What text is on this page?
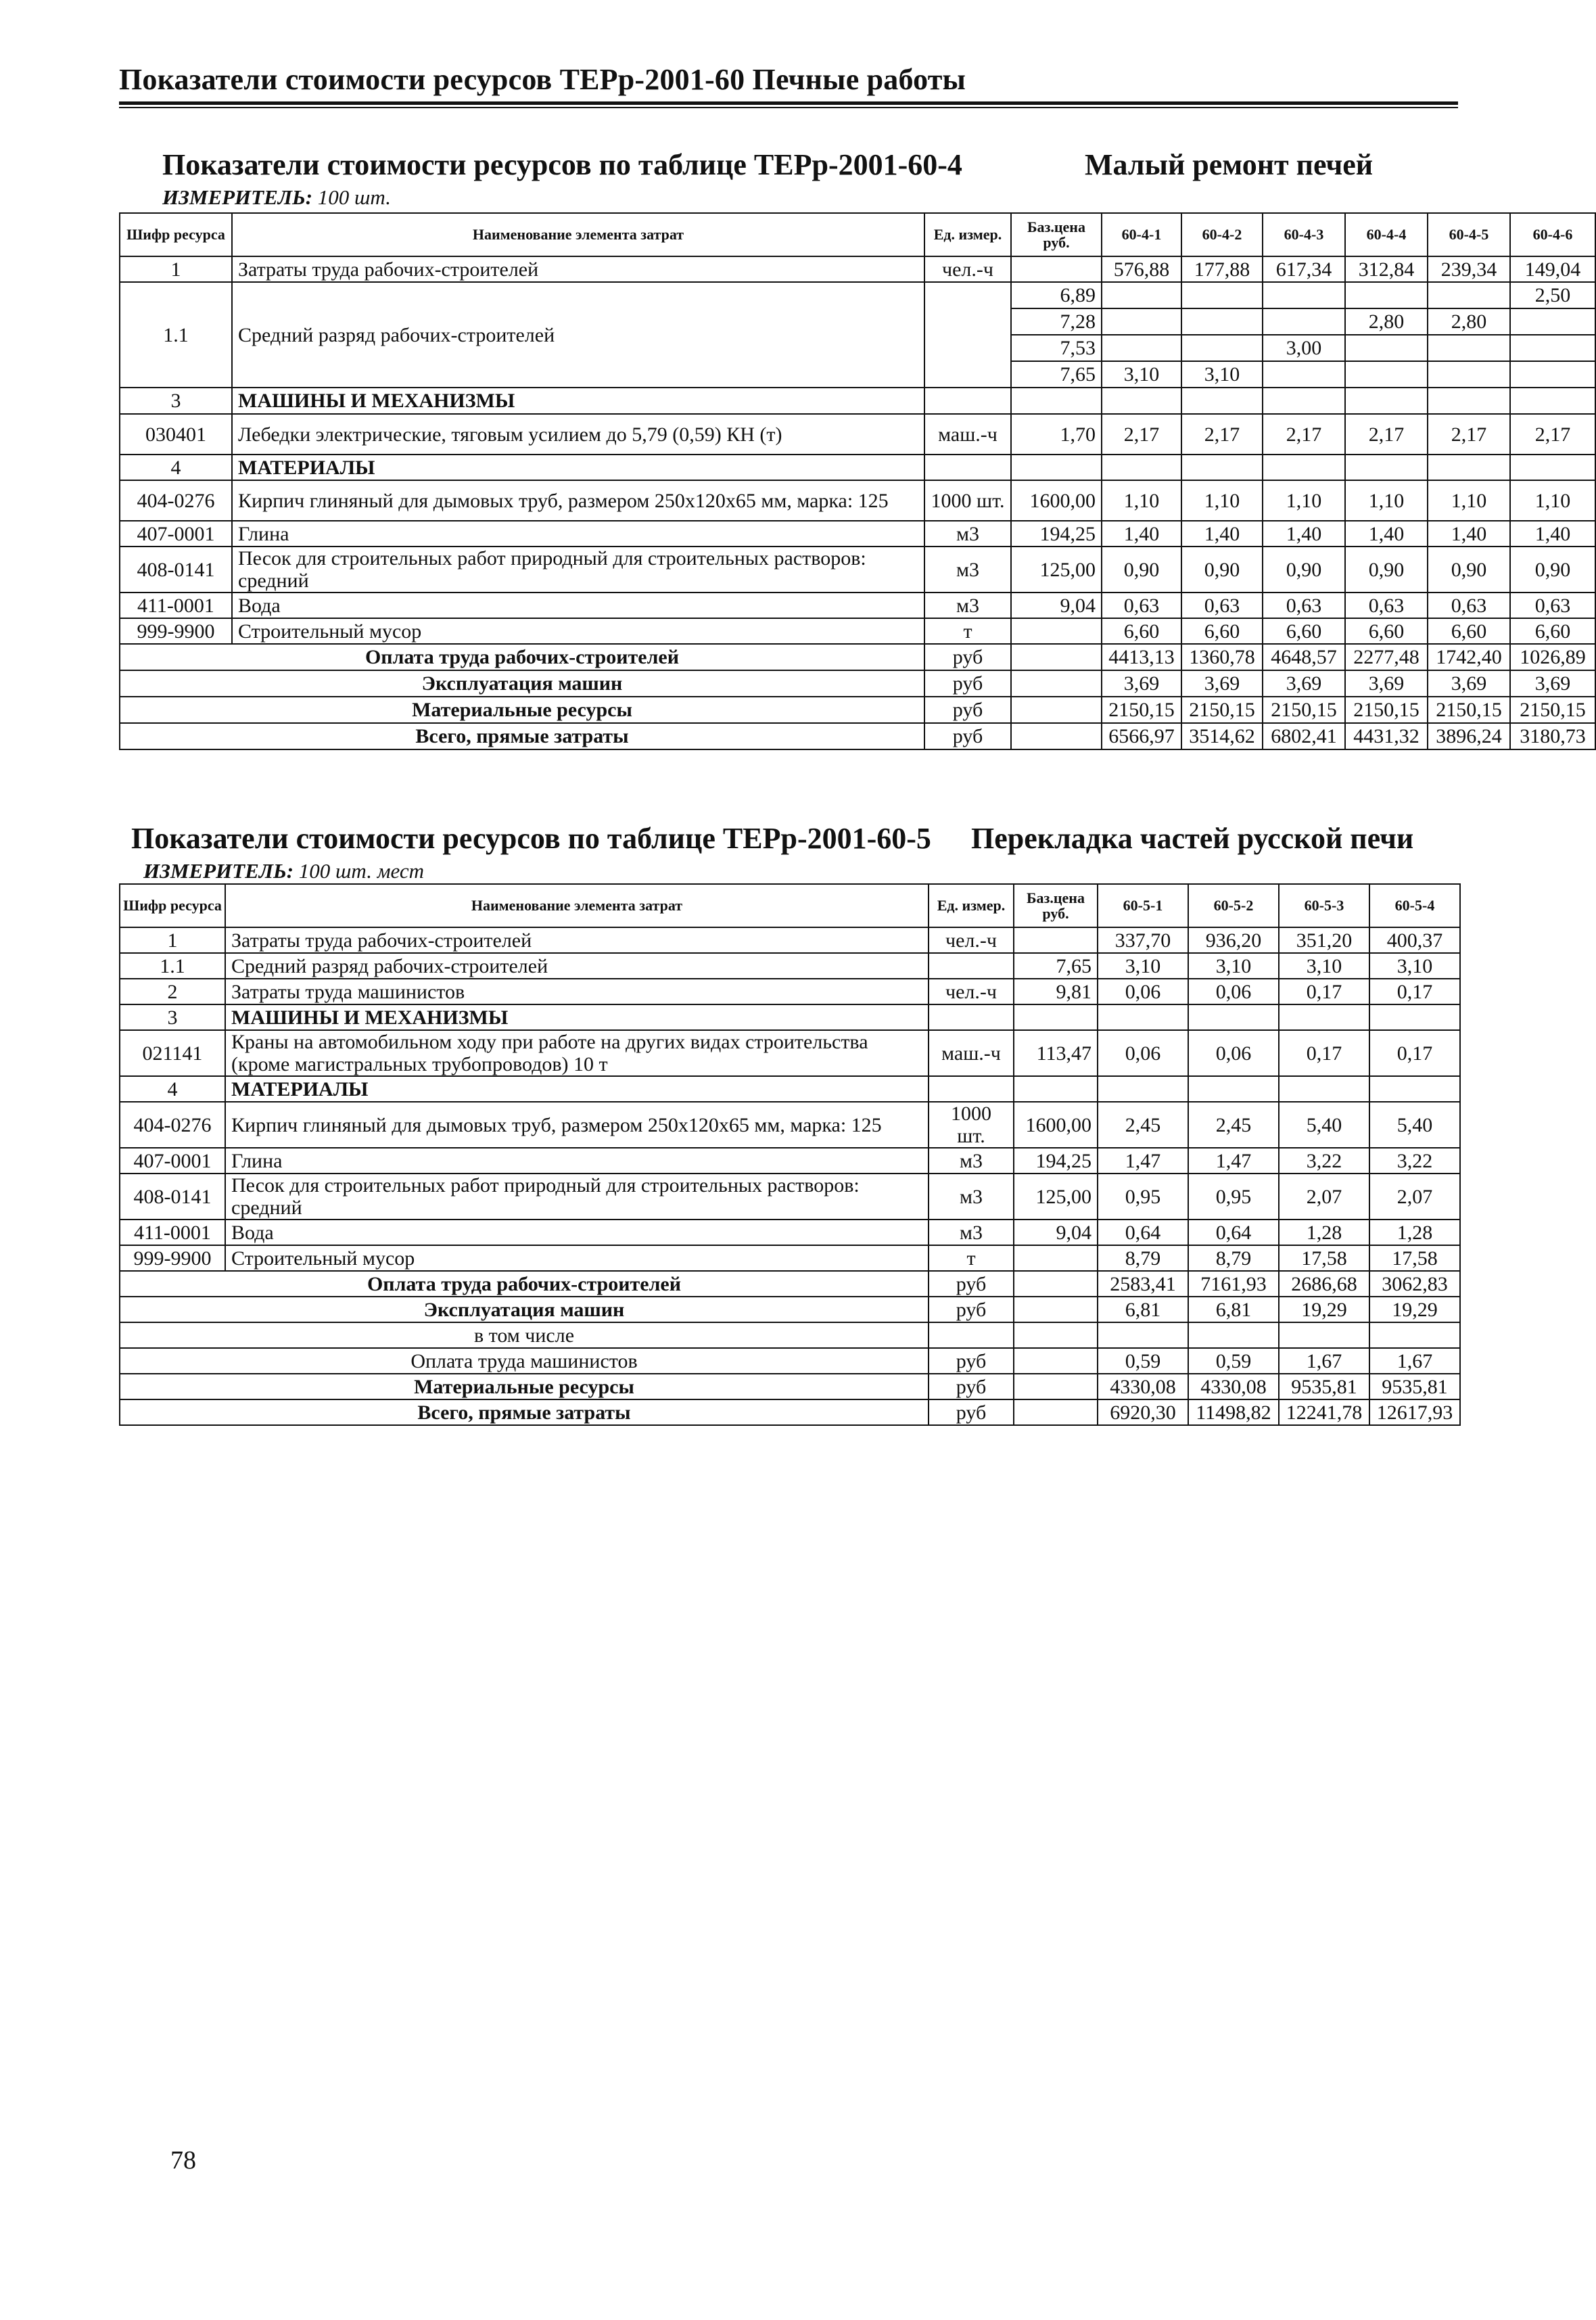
Показатели стоимости ресурсов ТЕРр-2001-60 Печные работы
Показатели стоимости ресурсов по таблице ТЕРр-2001-60-4	Малый ремонт печей
ИЗМЕРИТЕЛЬ: 100 шт.
Шифр ресурса	Наименование элемента затрат	Ед. измер.	Баз.цена руб.	60-4-1	60-4-2	60-4-3	60-4-4	60-4-5	60-4-6
1	Затраты труда рабочих-строителей	чел.-ч		576,88	177,88	617,34	312,84	239,34	149,04
1.1	Средний разряд рабочих-строителей		6,89						2,50
			7,28				2,80	2,80	
			7,53			3,00			
			7,65	3,10	3,10				
3	МАШИНЫ И МЕХАНИЗМЫ								
030401	Лебедки электрические, тяговым усилием до 5,79 (0,59) КН (т)	маш.-ч	1,70	2,17	2,17	2,17	2,17	2,17	2,17
4	МАТЕРИАЛЫ								
404-0276	Кирпич глиняный для дымовых труб, размером 250х120х65 мм, марка: 125	1000 шт.	1600,00	1,10	1,10	1,10	1,10	1,10	1,10
407-0001	Глина	м3	194,25	1,40	1,40	1,40	1,40	1,40	1,40
408-0141	Песок для строительных работ природный для строительных растворов: средний	м3	125,00	0,90	0,90	0,90	0,90	0,90	0,90
411-0001	Вода	м3	9,04	0,63	0,63	0,63	0,63	0,63	0,63
999-9900	Строительный мусор	т		6,60	6,60	6,60	6,60	6,60	6,60
Оплата труда рабочих-строителей		руб		4413,13	1360,78	4648,57	2277,48	1742,40	1026,89
Эксплуатация машин		руб		3,69	3,69	3,69	3,69	3,69	3,69
Материальные ресурсы		руб		2150,15	2150,15	2150,15	2150,15	2150,15	2150,15
Всего, прямые затраты		руб		6566,97	3514,62	6802,41	4431,32	3896,24	3180,73
Показатели стоимости ресурсов по таблице ТЕРр-2001-60-5 Перекладка частей русской печи
ИЗМЕРИТЕЛЬ: 100 шт. мест
Шифр ресурса	Наименование элемента затрат	Ед. измер.	Баз.цена руб.	60-5-1	60-5-2	60-5-3	60-5-4
1	Затраты труда рабочих-строителей	чел.-ч		337,70	936,20	351,20	400,37
1.1	Средний разряд рабочих-строителей		7,65	3,10	3,10	3,10	3,10
2	Затраты труда машинистов	чел.-ч	9,81	0,06	0,06	0,17	0,17
3	МАШИНЫ И МЕХАНИЗМЫ						
021141	Краны на автомобильном ходу при работе на других видах строительства (кроме магистральных трубопроводов) 10 т	маш.-ч	113,47	0,06	0,06	0,17	0,17
4	МАТЕРИАЛЫ						
404-0276	Кирпич глиняный для дымовых труб, размером 250х120х65 мм, марка: 125	1000 шт.	1600,00	2,45	2,45	5,40	5,40
407-0001	Глина	м3	194,25	1,47	1,47	3,22	3,22
408-0141	Песок для строительных работ природный для строительных растворов: средний	м3	125,00	0,95	0,95	2,07	2,07
411-0001	Вода	м3	9,04	0,64	0,64	1,28	1,28
999-9900	Строительный мусор	т		8,79	8,79	17,58	17,58
Оплата труда рабочих-строителей		руб		2583,41	7161,93	2686,68	3062,83
Эксплуатация машин		руб		6,81	6,81	19,29	19,29
в том числе							
Оплата труда машинистов		руб		0,59	0,59	1,67	1,67
Материальные ресурсы		руб		4330,08	4330,08	9535,81	9535,81
Всего, прямые затраты		руб		6920,30	11498,82	12241,78	12617,93
78
